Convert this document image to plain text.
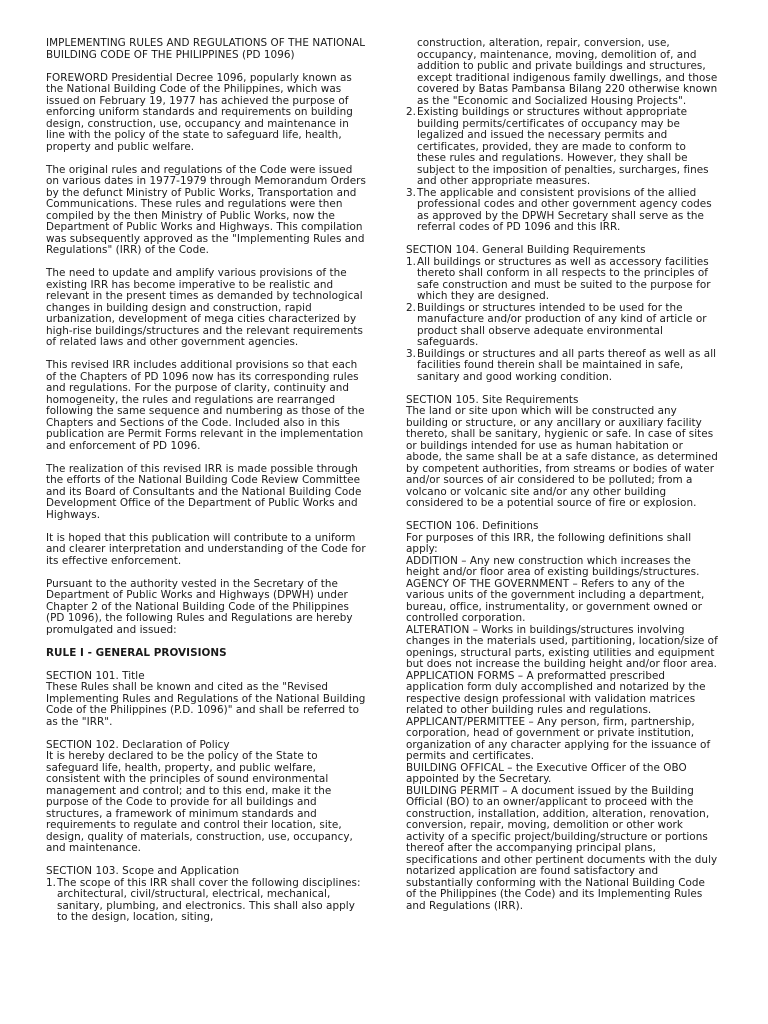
IMPLEMENTING RULES AND REGULATIONS OF THE NATIONAL BUILDING CODE OF THE PHILIPPINES (PD 1096)

FOREWORD Presidential Decree 1096, popularly known as the National Building Code of the Philippines, which was issued on February 19, 1977 has achieved the purpose of enforcing uniform standards and requirements on building design, construction, use, occupancy and maintenance in line with the policy of the state to safeguard life, health, property and public welfare.

The original rules and regulations of the Code were issued on various dates in 1977-1979 through Memorandum Orders by the defunct Ministry of Public Works, Transportation and Communications. These rules and regulations were then compiled by the then Ministry of Public Works, now the Department of Public Works and Highways. This compilation was subsequently approved as the "Implementing Rules and Regulations" (IRR) of the Code.

The need to update and amplify various provisions of the existing IRR has become imperative to be realistic and relevant in the present times as demanded by technological changes in building design and construction, rapid urbanization, development of mega cities characterized by high-rise buildings/structures and the relevant requirements of related laws and other government agencies.

This revised IRR includes additional provisions so that each of the Chapters of PD 1096 now has its corresponding rules and regulations. For the purpose of clarity, continuity and homogeneity, the rules and regulations are rearranged following the same sequence and numbering as those of the Chapters and Sections of the Code. Included also in this publication are Permit Forms relevant in the implementation and enforcement of PD 1096.

The realization of this revised IRR is made possible through the efforts of the National Building Code Review Committee and its Board of Consultants and the National Building Code Development Office of the Department of Public Works and Highways.

It is hoped that this publication will contribute to a uniform and clearer interpretation and understanding of the Code for its effective enforcement.

Pursuant to the authority vested in the Secretary of the Department of Public Works and Highways (DPWH) under Chapter 2 of the National Building Code of the Philippines (PD 1096), the following Rules and Regulations are hereby promulgated and issued:

RULE I - GENERAL PROVISIONS

SECTION 101. Title

These Rules shall be known and cited as the "Revised Implementing Rules and Regulations of the National Building Code of the Philippines (P.D. 1096)" and shall be referred to as the "IRR".

SECTION 102. Declaration of Policy

It is hereby declared to be the policy of the State to safeguard life, health, property, and public welfare, consistent with the principles of sound environmental management and control; and to this end, make it the purpose of the Code to provide for all buildings and structures, a framework of minimum standards and requirements to regulate and control their location, site, design, quality of materials, construction, use, occupancy, and maintenance.

SECTION 103. Scope and Application

1. The scope of this IRR shall cover the following disciplines: architectural, civil/structural, electrical, mechanical, sanitary, plumbing, and electronics. This shall also apply to the design, location, siting,
construction, alteration, repair, conversion, use, occupancy, maintenance, moving, demolition of, and addition to public and private buildings and structures, except traditional indigenous family dwellings, and those covered by Batas Pambansa Bilang 220 otherwise known as the "Economic and Socialized Housing Projects".
2. Existing buildings or structures without appropriate building permits/certificates of occupancy may be legalized and issued the necessary permits and certificates, provided, they are made to conform to these rules and regulations. However, they shall be subject to the imposition of penalties, surcharges, fines and other appropriate measures.
3. The applicable and consistent provisions of the allied professional codes and other government agency codes as approved by the DPWH Secretary shall serve as the referral codes of PD 1096 and this IRR.

SECTION 104. General Building Requirements

1. All buildings or structures as well as accessory facilities thereto shall conform in all respects to the principles of safe construction and must be suited to the purpose for which they are designed.
2. Buildings or structures intended to be used for the manufacture and/or production of any kind of article or product shall observe adequate environmental safeguards.
3. Buildings or structures and all parts thereof as well as all facilities found therein shall be maintained in safe, sanitary and good working condition.

SECTION 105. Site Requirements

The land or site upon which will be constructed any building or structure, or any ancillary or auxiliary facility thereto, shall be sanitary, hygienic or safe. In case of sites or buildings intended for use as human habitation or abode, the same shall be at a safe distance, as determined by competent authorities, from streams or bodies of water and/or sources of air considered to be polluted; from a volcano or volcanic site and/or any other building considered to be a potential source of fire or explosion.

SECTION 106. Definitions

For purposes of this IRR, the following definitions shall apply:

ADDITION – Any new construction which increases the height and/or floor area of existing buildings/structures.
AGENCY OF THE GOVERNMENT – Refers to any of the various units of the government including a department, bureau, office, instrumentality, or government owned or controlled corporation.
ALTERATION – Works in buildings/structures involving changes in the materials used, partitioning, location/size of openings, structural parts, existing utilities and equipment but does not increase the building height and/or floor area.
APPLICATION FORMS – A preformatted prescribed application form duly accomplished and notarized by the respective design professional with validation matrices related to other building rules and regulations.
APPLICANT/PERMITTEE – Any person, firm, partnership, corporation, head of government or private institution, organization of any character applying for the issuance of permits and certificates.
BUILDING OFFICAL – the Executive Officer of the OBO appointed by the Secretary.
BUILDING PERMIT – A document issued by the Building Official (BO) to an owner/applicant to proceed with the construction, installation, addition, alteration, renovation, conversion, repair, moving, demolition or other work activity of a specific project/building/structure or portions thereof after the accompanying principal plans, specifications and other pertinent documents with the duly notarized application are found satisfactory and substantially conforming with the National Building Code of the Philippines (the Code) and its Implementing Rules and Regulations (IRR).
